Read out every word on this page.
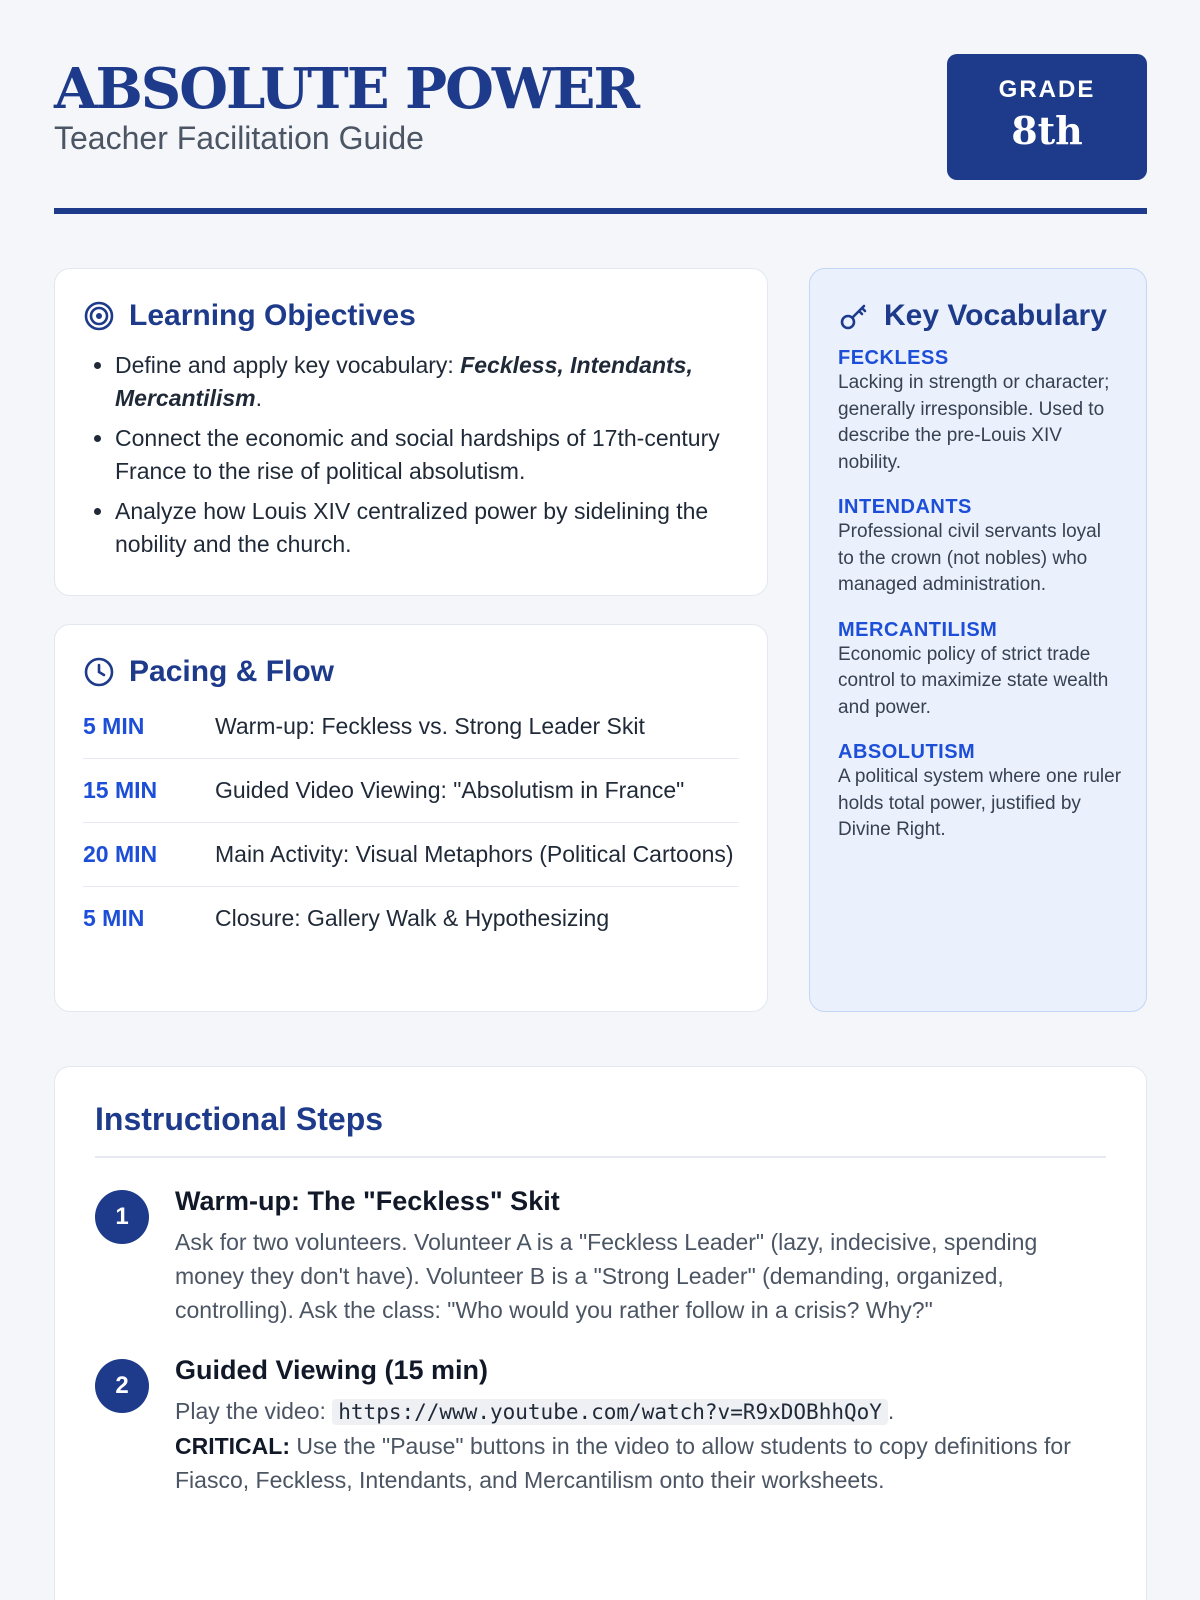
ABSOLUTE POWER
Teacher Facilitation Guide
GRADE
8th
Learning Objectives
• Define and apply key vocabulary: Feckless, Intendants, Mercantilism.
• Connect the economic and social hardships of 17th-century France to the rise of political absolutism.
• Analyze how Louis XIV centralized power by sidelining the nobility and the church.
Pacing & Flow
5 MIN	Warm-up: Feckless vs. Strong Leader Skit
15 MIN	Guided Video Viewing: "Absolutism in France"
20 MIN	Main Activity: Visual Metaphors (Political Cartoons)
5 MIN	Closure: Gallery Walk & Hypothesizing
Key Vocabulary
FECKLESS
Lacking in strength or character; generally irresponsible. Used to describe the pre-Louis XIV nobility.
INTENDANTS
Professional civil servants loyal to the crown (not nobles) who managed administration.
MERCANTILISM
Economic policy of strict trade control to maximize state wealth and power.
ABSOLUTISM
A political system where one ruler holds total power, justified by Divine Right.
Instructional Steps
1
Warm-up: The "Feckless" Skit
Ask for two volunteers. Volunteer A is a "Feckless Leader" (lazy, indecisive, spending money they don't have). Volunteer B is a "Strong Leader" (demanding, organized, controlling). Ask the class: "Who would you rather follow in a crisis? Why?"
2
Guided Viewing (15 min)
Play the video: https://www.youtube.com/watch?v=R9xDOBhhQoY .
CRITICAL: Use the "Pause" buttons in the video to allow students to copy definitions for Fiasco, Feckless, Intendants, and Mercantilism onto their worksheets.
